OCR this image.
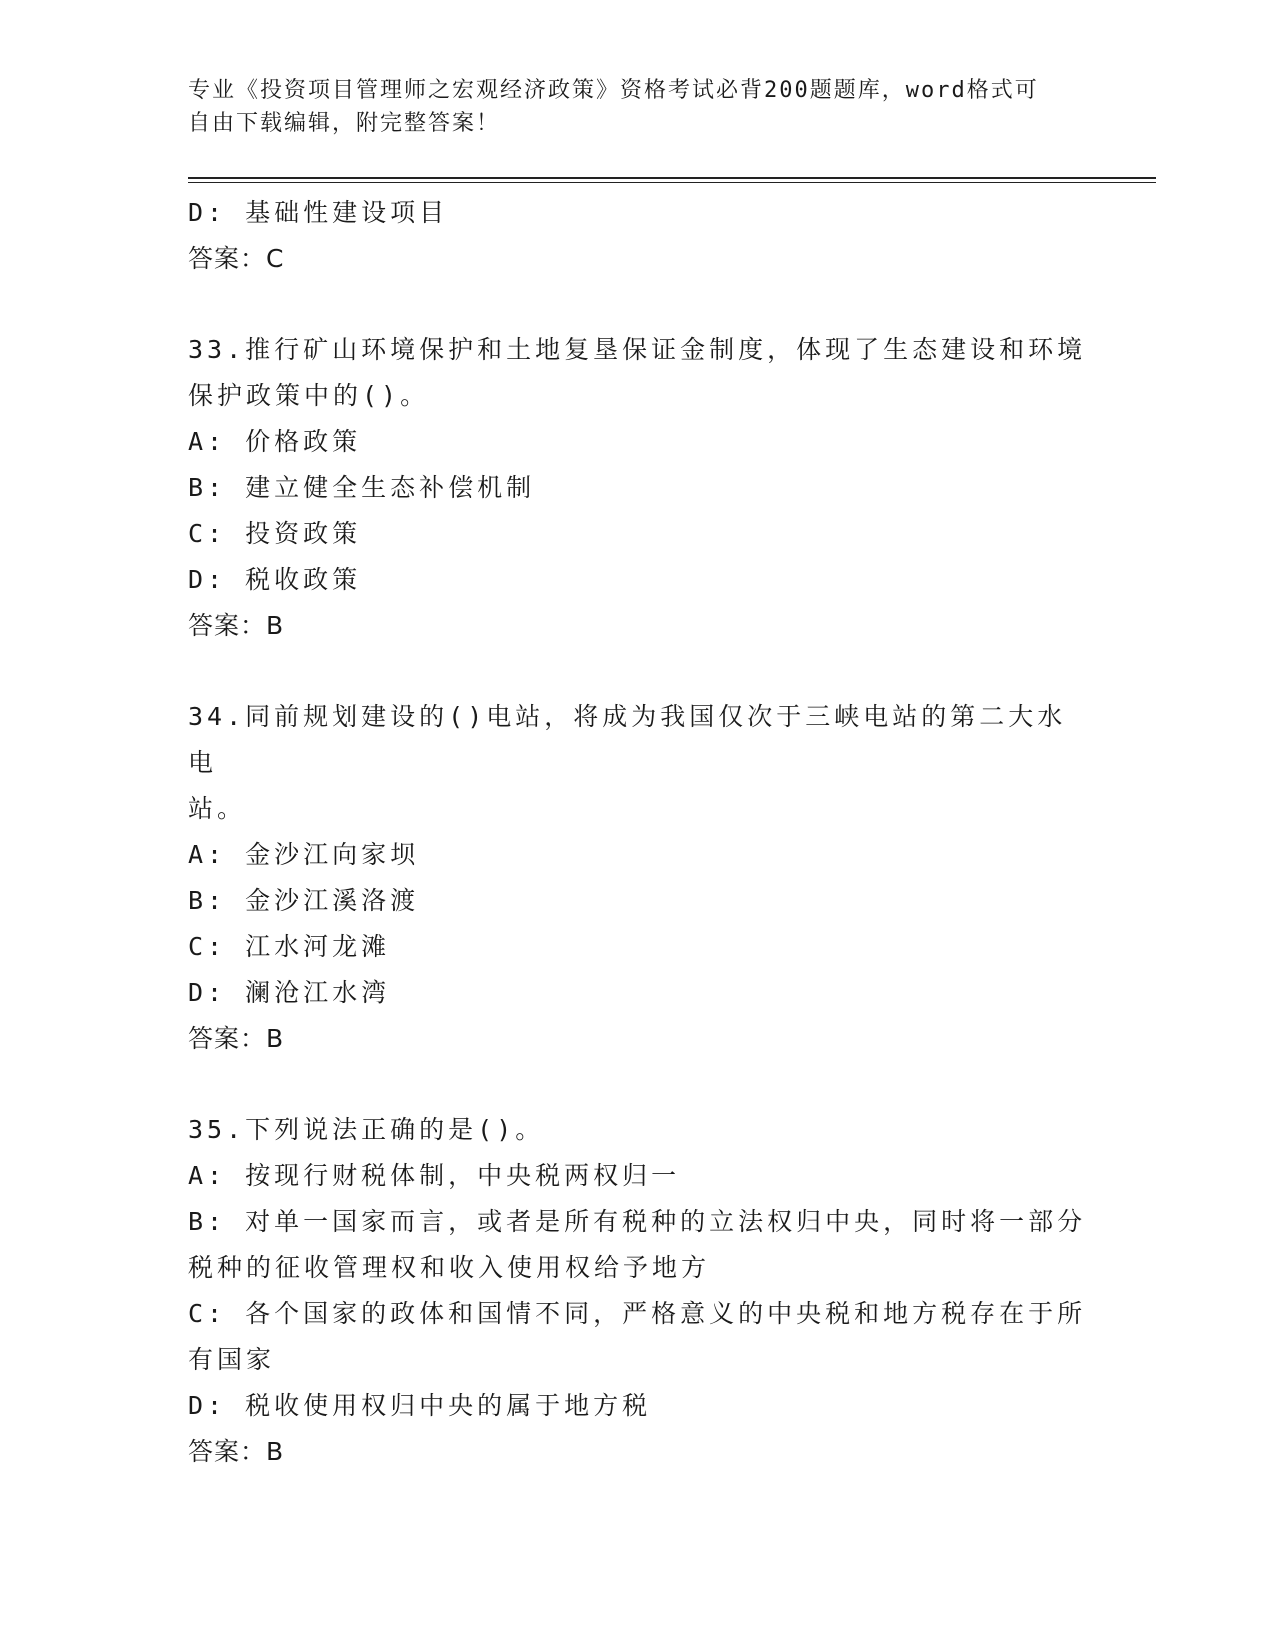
专业《投资项目管理师之宏观经济政策》资格考试必背200题题库，word格式可
自由下载编辑，附完整答案！
D: 基础性建设项目
答案：C
33.推行矿山环境保护和土地复垦保证金制度，体现了生态建设和环境
保护政策中的()。
A: 价格政策
B: 建立健全生态补偿机制
C: 投资政策
D: 税收政策
答案：B
34.同前规划建设的()电站，将成为我国仅次于三峡电站的第二大水电
站。
A: 金沙江向家坝
B: 金沙江溪洛渡
C: 江水河龙滩
D: 澜沧江水湾
答案：B
35.下列说法正确的是()。
A: 按现行财税体制，中央税两权归一
B: 对单一国家而言，或者是所有税种的立法权归中央，同时将一部分
税种的征收管理权和收入使用权给予地方
C: 各个国家的政体和国情不同，严格意义的中央税和地方税存在于所
有国家
D: 税收使用权归中央的属于地方税
答案：B
